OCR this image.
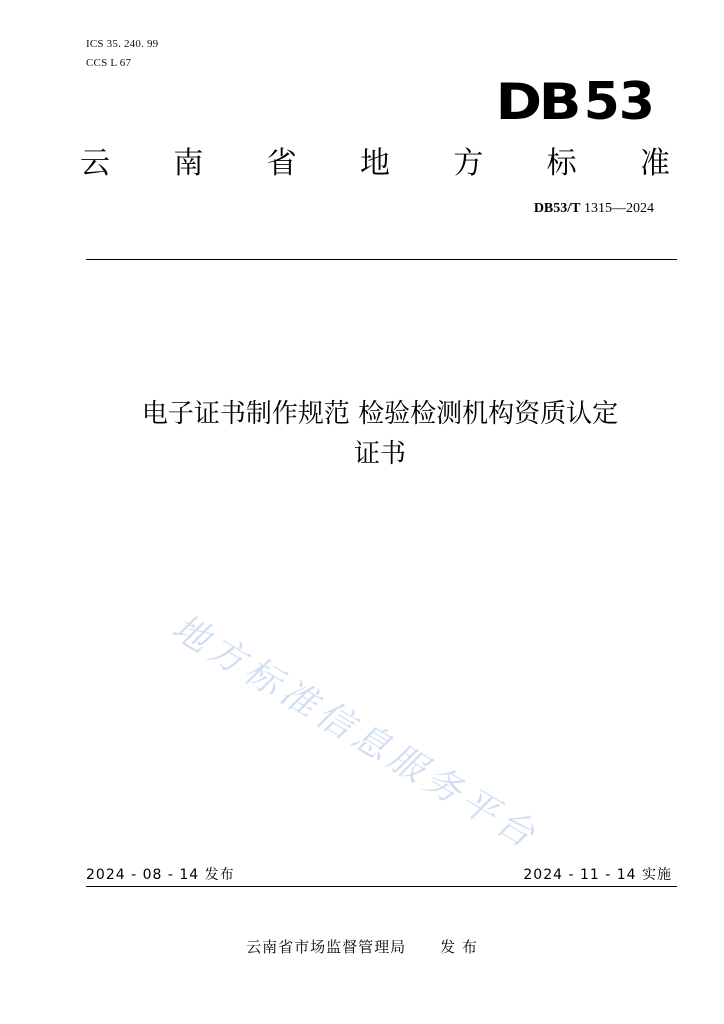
ICS 35. 240. 99
CCS L 67
DB 53
云 南 省 地 方 标 准
DB53/T 1315—2024
电子证书制作规范 检验检测机构资质认定
证书
地方标准信息服务平台
2024 - 08 - 14 发布	2024 - 11 - 14 实施
云南省市场监督管理局 发 布
